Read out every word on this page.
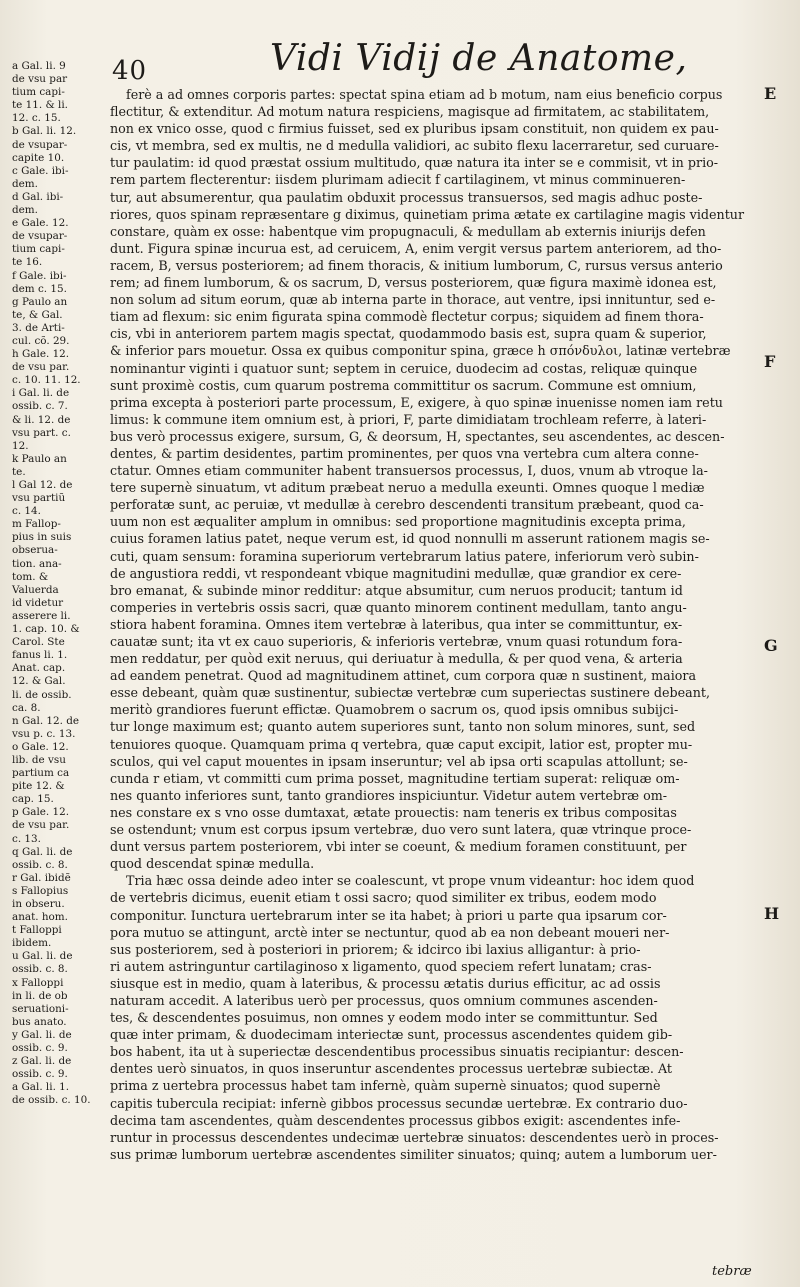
40	Vidi Vidij de Anatome,
a Gal. li. 9
de vsu par
tium capi-
te 11. & li.
12. c. 15.
b Gal. li. 12.
de vsupar-
capite 10.
c Gale. ibi-
dem.
d Gal. ibi-
dem.
e Gale. 12.
de vsupar-
tium capi-
te 16.
f Gale. ibi-
dem c. 15.
g Paulo an
te, & Gal.
3. de Arti-
cul. cõ. 29.
h Gale. 12.
de vsu par.
c. 10. 11. 12.
i Gal. li. de
ossib. c. 7.
& li. 12. de
vsu part. c.
12.
k Paulo an
te.
l Gal 12. de
vsu partiũ
c. 14.
m Fallop-
pius in suis
obserua-
tion. ana-
tom. &
Valuerda
id videtur
asserere li.
1. cap. 10. &
Carol. Ste
fanus li. 1.
Anat. cap.
12. & Gal.
li. de ossib.
ca. 8.
n Gal. 12. de
vsu p. c. 13.
o Gale. 12.
lib. de vsu
partium ca
pite 12. &
cap. 15.
p Gale. 12.
de vsu par.
c. 13.
q Gal. li. de
ossib. c. 8.
r Gal. ibidẽ
s Fallopius
in obseru.
anat. hom.
t Falloppi
ibidem.
u Gal. li. de
ossib. c. 8.
x Falloppi
in li. de ob
seruationi-
bus anato.
y Gal. li. de
ossib. c. 9.
z Gal. li. de
ossib. c. 9.
a Gal. li. 1.
de ossib. c. 10.
ferè a ad omnes corporis partes: spectat spina etiam ad b motum, nam eius beneficio corpus
flectitur, & extenditur. Ad motum natura respiciens, magisque ad firmitatem, ac stabilitatem,
non ex vnico osse, quod c firmius fuisset, sed ex pluribus ipsam constituit, non quidem ex pau-
cis, vt membra, sed ex multis, ne d medulla validiori, ac subito flexu lacerraretur, sed curuare-
tur paulatim: id quod præstat ossium multitudo, quæ natura ita inter se e commisit, vt in prio-
rem partem flecterentur: iisdem plurimam adiecit f cartilaginem, vt minus comminueren-
tur, aut absumerentur, qua paulatim obduxit processus transuersos, sed magis adhuc poste-
riores, quos spinam repræsentare g diximus, quinetiam prima ætate ex cartilagine magis videntur
constare, quàm ex osse: habentque vim propugnaculi, & medullam ab externis iniurijs defen
dunt. Figura spinæ incurua est, ad ceruicem, A, enim vergit versus partem anteriorem, ad tho-
racem, B, versus posteriorem; ad finem thoracis, & initium lumborum, C, rursus versus anterio
rem; ad finem lumborum, & os sacrum, D, versus posteriorem, quæ figura maximè idonea est,
non solum ad situm eorum, quæ ab interna parte in thorace, aut ventre, ipsi innituntur, sed e-
tiam ad flexum: sic enim figurata spina commodè flectetur corpus; siquidem ad finem thora-
cis, vbi in anteriorem partem magis spectat, quodammodo basis est, supra quam & superior,
& inferior pars mouetur. Ossa ex quibus componitur spina, græce h σπόνδυλοι, latinæ vertebræ
nominantur viginti i quatuor sunt; septem in ceruice, duodecim ad costas, reliquæ quinque
sunt proximè costis, cum quarum postrema committitur os sacrum. Commune est omnium,
prima excepta à posteriori parte processum, E, exigere, à quo spinæ inuenisse nomen iam retu
limus: k commune item omnium est, à priori, F, parte dimidiatam trochleam referre, à lateri-
bus verò processus exigere, sursum, G, & deorsum, H, spectantes, seu ascendentes, ac descen-
dentes, & partim desidentes, partim prominentes, per quos vna vertebra cum altera conne-
ctatur. Omnes etiam communiter habent transuersos processus, I, duos, vnum ab vtroque la-
tere supernè sinuatum, vt aditum præbeat neruo a medulla exeunti. Omnes quoque l mediæ
perforatæ sunt, ac peruiæ, vt medullæ à cerebro descendenti transitum præbeant, quod ca-
uum non est æqualiter amplum in omnibus: sed proportione magnitudinis excepta prima,
cuius foramen latius patet, neque verum est, id quod nonnulli m asserunt rationem magis se-
cuti, quam sensum: foramina superiorum vertebrarum latius patere, inferiorum verò subin-
de angustiora reddi, vt respondeant vbique magnitudini medullæ, quæ grandior ex cere-
bro emanat, & subinde minor redditur: atque absumitur, cum neruos producit; tantum id
comperies in vertebris ossis sacri, quæ quanto minorem continent medullam, tanto angu-
stiora habent foramina. Omnes item vertebræ à lateribus, qua inter se committuntur, ex-
cauatæ sunt; ita vt ex cauo superioris, & inferioris vertebræ, vnum quasi rotundum fora-
men reddatur, per quòd exit neruus, qui deriuatur à medulla, & per quod vena, & arteria
ad eandem penetrat. Quod ad magnitudinem attinet, cum corpora quæ n sustinent, maiora
esse debeant, quàm quæ sustinentur, subiectæ vertebræ cum superiectas sustinere debeant,
meritò grandiores fuerunt effictæ. Quamobrem o sacrum os, quod ipsis omnibus subijci-
tur longe maximum est; quanto autem superiores sunt, tanto non solum minores, sunt, sed
tenuiores quoque. Quamquam prima q vertebra, quæ caput excipit, latior est, propter mu-
sculos, qui vel caput mouentes in ipsam inseruntur; vel ab ipsa orti scapulas attollunt; se-
cunda r etiam, vt committi cum prima posset, magnitudine tertiam superat: reliquæ om-
nes quanto inferiores sunt, tanto grandiores inspiciuntur. Videtur autem vertebræ om-
nes constare ex s vno osse dumtaxat, ætate prouectis: nam teneris ex tribus compositas
se ostendunt; vnum est corpus ipsum vertebræ, duo vero sunt latera, quæ vtrinque proce-
dunt versus partem posteriorem, vbi inter se coeunt, & medium foramen constituunt, per
quod descendat spinæ medulla.
Tria hæc ossa deinde adeo inter se coalescunt, vt prope vnum videantur: hoc idem quod
de vertebris dicimus, euenit etiam t ossi sacro; quod similiter ex tribus, eodem modo
componitur. Iunctura uertebrarum inter se ita habet; à priori u parte qua ipsarum cor-
pora mutuo se attingunt, arctè inter se nectuntur, quod ab ea non debeant moueri ner-
sus posteriorem, sed à posteriori in priorem; & idcirco ibi laxius alligantur: à prio-
ri autem astringuntur cartilaginoso x ligamento, quod speciem refert lunatam; cras-
siusque est in medio, quam à lateribus, & processu ætatis durius efficitur, ac ad ossis
naturam accedit. A lateribus uerò per processus, quos omnium communes ascenden-
tes, & descendentes posuimus, non omnes y eodem modo inter se committuntur. Sed
quæ inter primam, & duodecimam interiectæ sunt, processus ascendentes quidem gib-
bos habent, ita ut à superiectæ descendentibus processibus sinuatis recipiantur: descen-
dentes uerò sinuatos, in quos inseruntur ascendentes processus uertebræ subiectæ. At
prima z uertebra processus habet tam infernè, quàm supernè sinuatos; quod supernè
capitis tubercula recipiat: infernè gibbos processus secundæ uertebræ. Ex contrario duo-
decima tam ascendentes, quàm descendentes processus gibbos exigit: ascendentes infe-
runtur in processus descendentes undecimæ uertebræ sinuatos: descendentes uerò in proces-
sus primæ lumborum uertebræ ascendentes similiter sinuatos; quinq; autem a lumborum uer-
E
F
G
H
tebræ
